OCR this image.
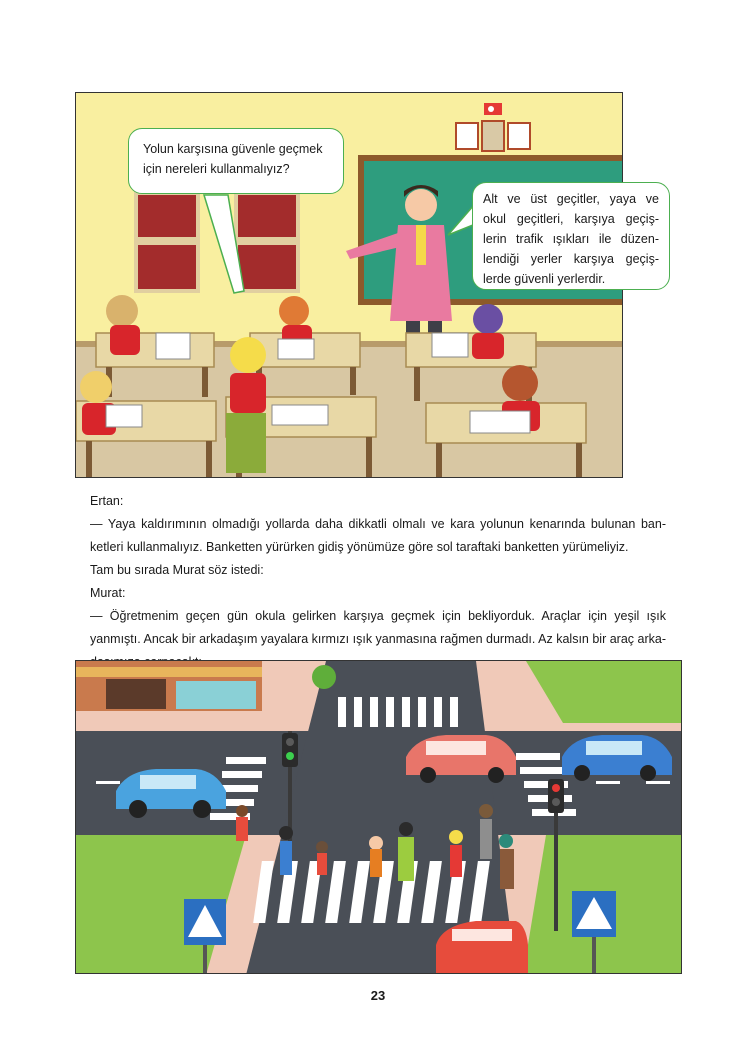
Yolun karşısına güvenle geçmek
için nereleri kullanmalıyız?
Alt ve üst geçitler, yaya ve
okul geçitleri, karşıya geçiş-
lerin trafik ışıkları ile düzen-
lendiği yerler karşıya geçiş-
lerde güvenli yerlerdir.
Ertan:
— Yaya kaldırımının olmadığı yollarda daha dikkatli olmalı ve kara yolunun kenarında bulunan ban-
ketleri kullanmalıyız. Banketten yürürken gidiş yönümüze göre sol taraftaki banketten yürümeliyiz.
Tam bu sırada Murat söz istedi:
Murat:
— Öğretmenim geçen gün okula gelirken karşıya geçmek için bekliyorduk. Araçlar için yeşil ışık
yanmıştı. Ancak bir arkadaşım yayalara kırmızı ışık yanmasına rağmen durmadı. Az kalsın bir araç arka-
23
